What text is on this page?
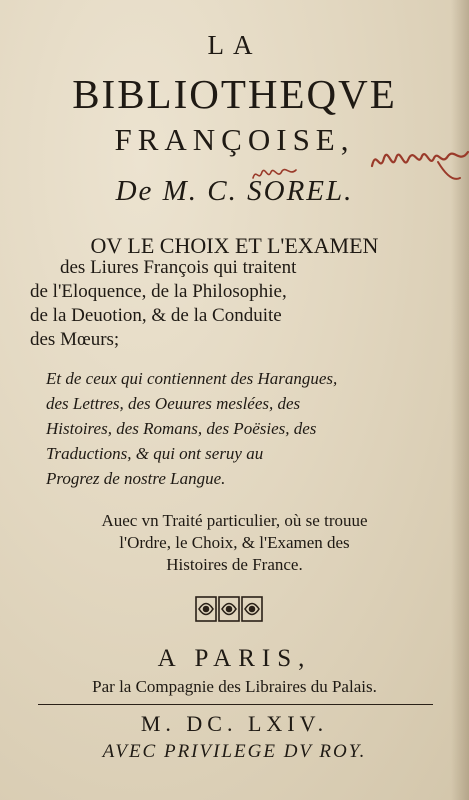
LA
BIBLIOTHEQVE
FRANÇOISE,
De M. C. SOREL.
OV LE CHOIX ET L'EXAMEN
des Liures François qui traitent
de l'Eloquence, de la Philosophie,
de la Deuotion, & de la Conduite
des Mœurs;
Et de ceux qui contiennent des Harangues,
des Lettres, des Oeuures meslées, des
Histoires, des Romans, des Poësies, des
Traductions, & qui ont seruy au
Progrez de nostre Langue.
Auec vn Traité particulier, où se trouue
l'Ordre, le Choix, & l'Examen des
Histoires de France.
A PARIS,
Par la Compagnie des Libraires du Palais.
M. DC. LXIV.
AVEC PRIVILEGE DV ROY.
